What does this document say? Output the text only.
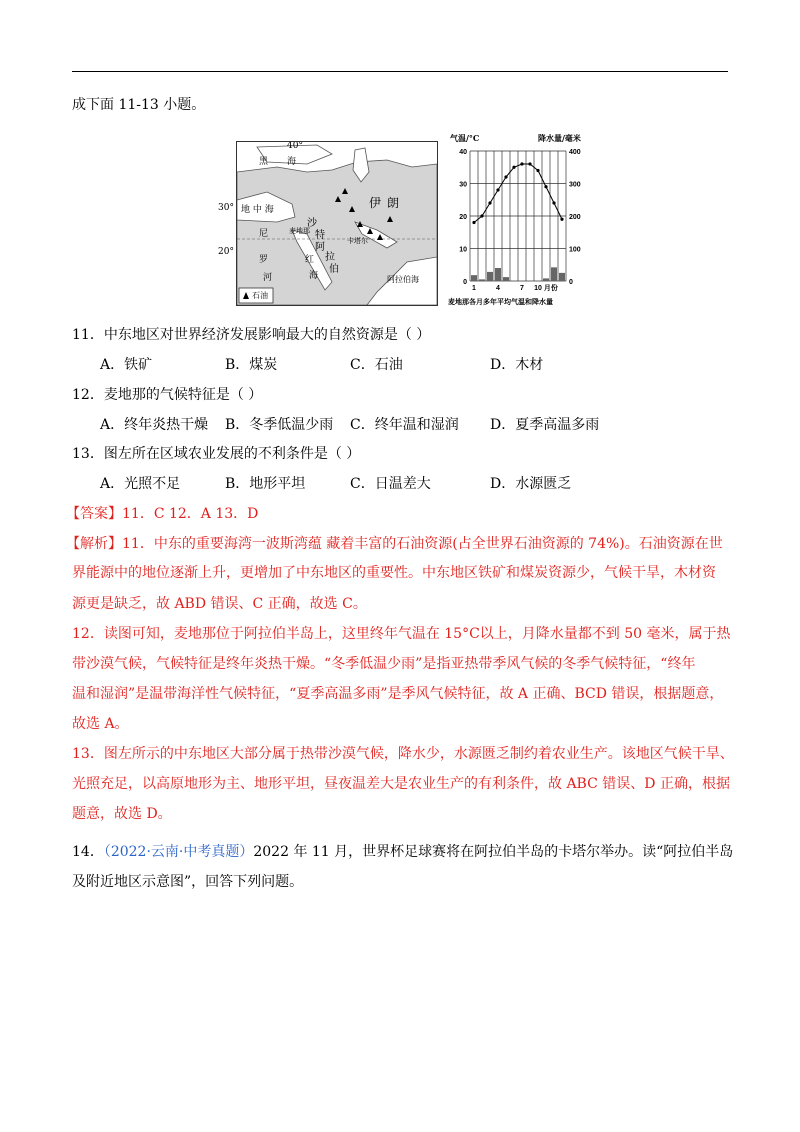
成下面 11-13 小题。
40°
黑 海
地 中 海	伊 朗
沙
特
阿
拉
伯
麦地那
卡塔尔
尼
罗
河
红
海	阿拉伯海
石油
30°
20°
气温/°C	降水量/毫米
40
30
20
10
0
400
300
200
100
0
1	4	7 10 月份
麦地那各月多年平均气温和降水量
11．中东地区对世界经济发展影响最大的自然资源是（ ）
A．铁矿	B．煤炭	C．石油	D．木材
12．麦地那的气候特征是（ ）
A．终年炎热干燥 B．冬季低温少雨 C．终年温和湿润 D．夏季高温多雨
13．图左所在区域农业发展的不利条件是（ ）
A．光照不足	B．地形平坦	C．日温差大	D．水源匮乏
【答案】11．C 12．A 13．D
【解析】11．中东的重要海湾一波斯湾蕴 藏着丰富的石油资源(占全世界石油资源的 74%)。石油资源在世
界能源中的地位逐渐上升，更增加了中东地区的重要性。中东地区铁矿和煤炭资源少，气候干旱，木材资
源更是缺乏，故 ABD 错误、C 正确，故选 C。
12．读图可知，麦地那位于阿拉伯半岛上，这里终年气温在 15°C以上，月降水量都不到 50 毫米，属于热
带沙漠气候，气候特征是终年炎热干燥。“冬季低温少雨”是指亚热带季风气候的冬季气候特征，“终年
温和湿润”是温带海洋性气候特征，“夏季高温多雨”是季风气候特征，故 A 正确、BCD 错误，根据题意，
故选 A。
13．图左所示的中东地区大部分属于热带沙漠气候，降水少，水源匮乏制约着农业生产。该地区气候干旱、
光照充足，以高原地形为主、地形平坦，昼夜温差大是农业生产的有利条件，故 ABC 错误、D 正确，根据
题意，故选 D。
14．（2022·云南·中考真题）2022 年 11 月，世界杯足球赛将在阿拉伯半岛的卡塔尔举办。读“阿拉伯半岛
及附近地区示意图”，回答下列问题。
